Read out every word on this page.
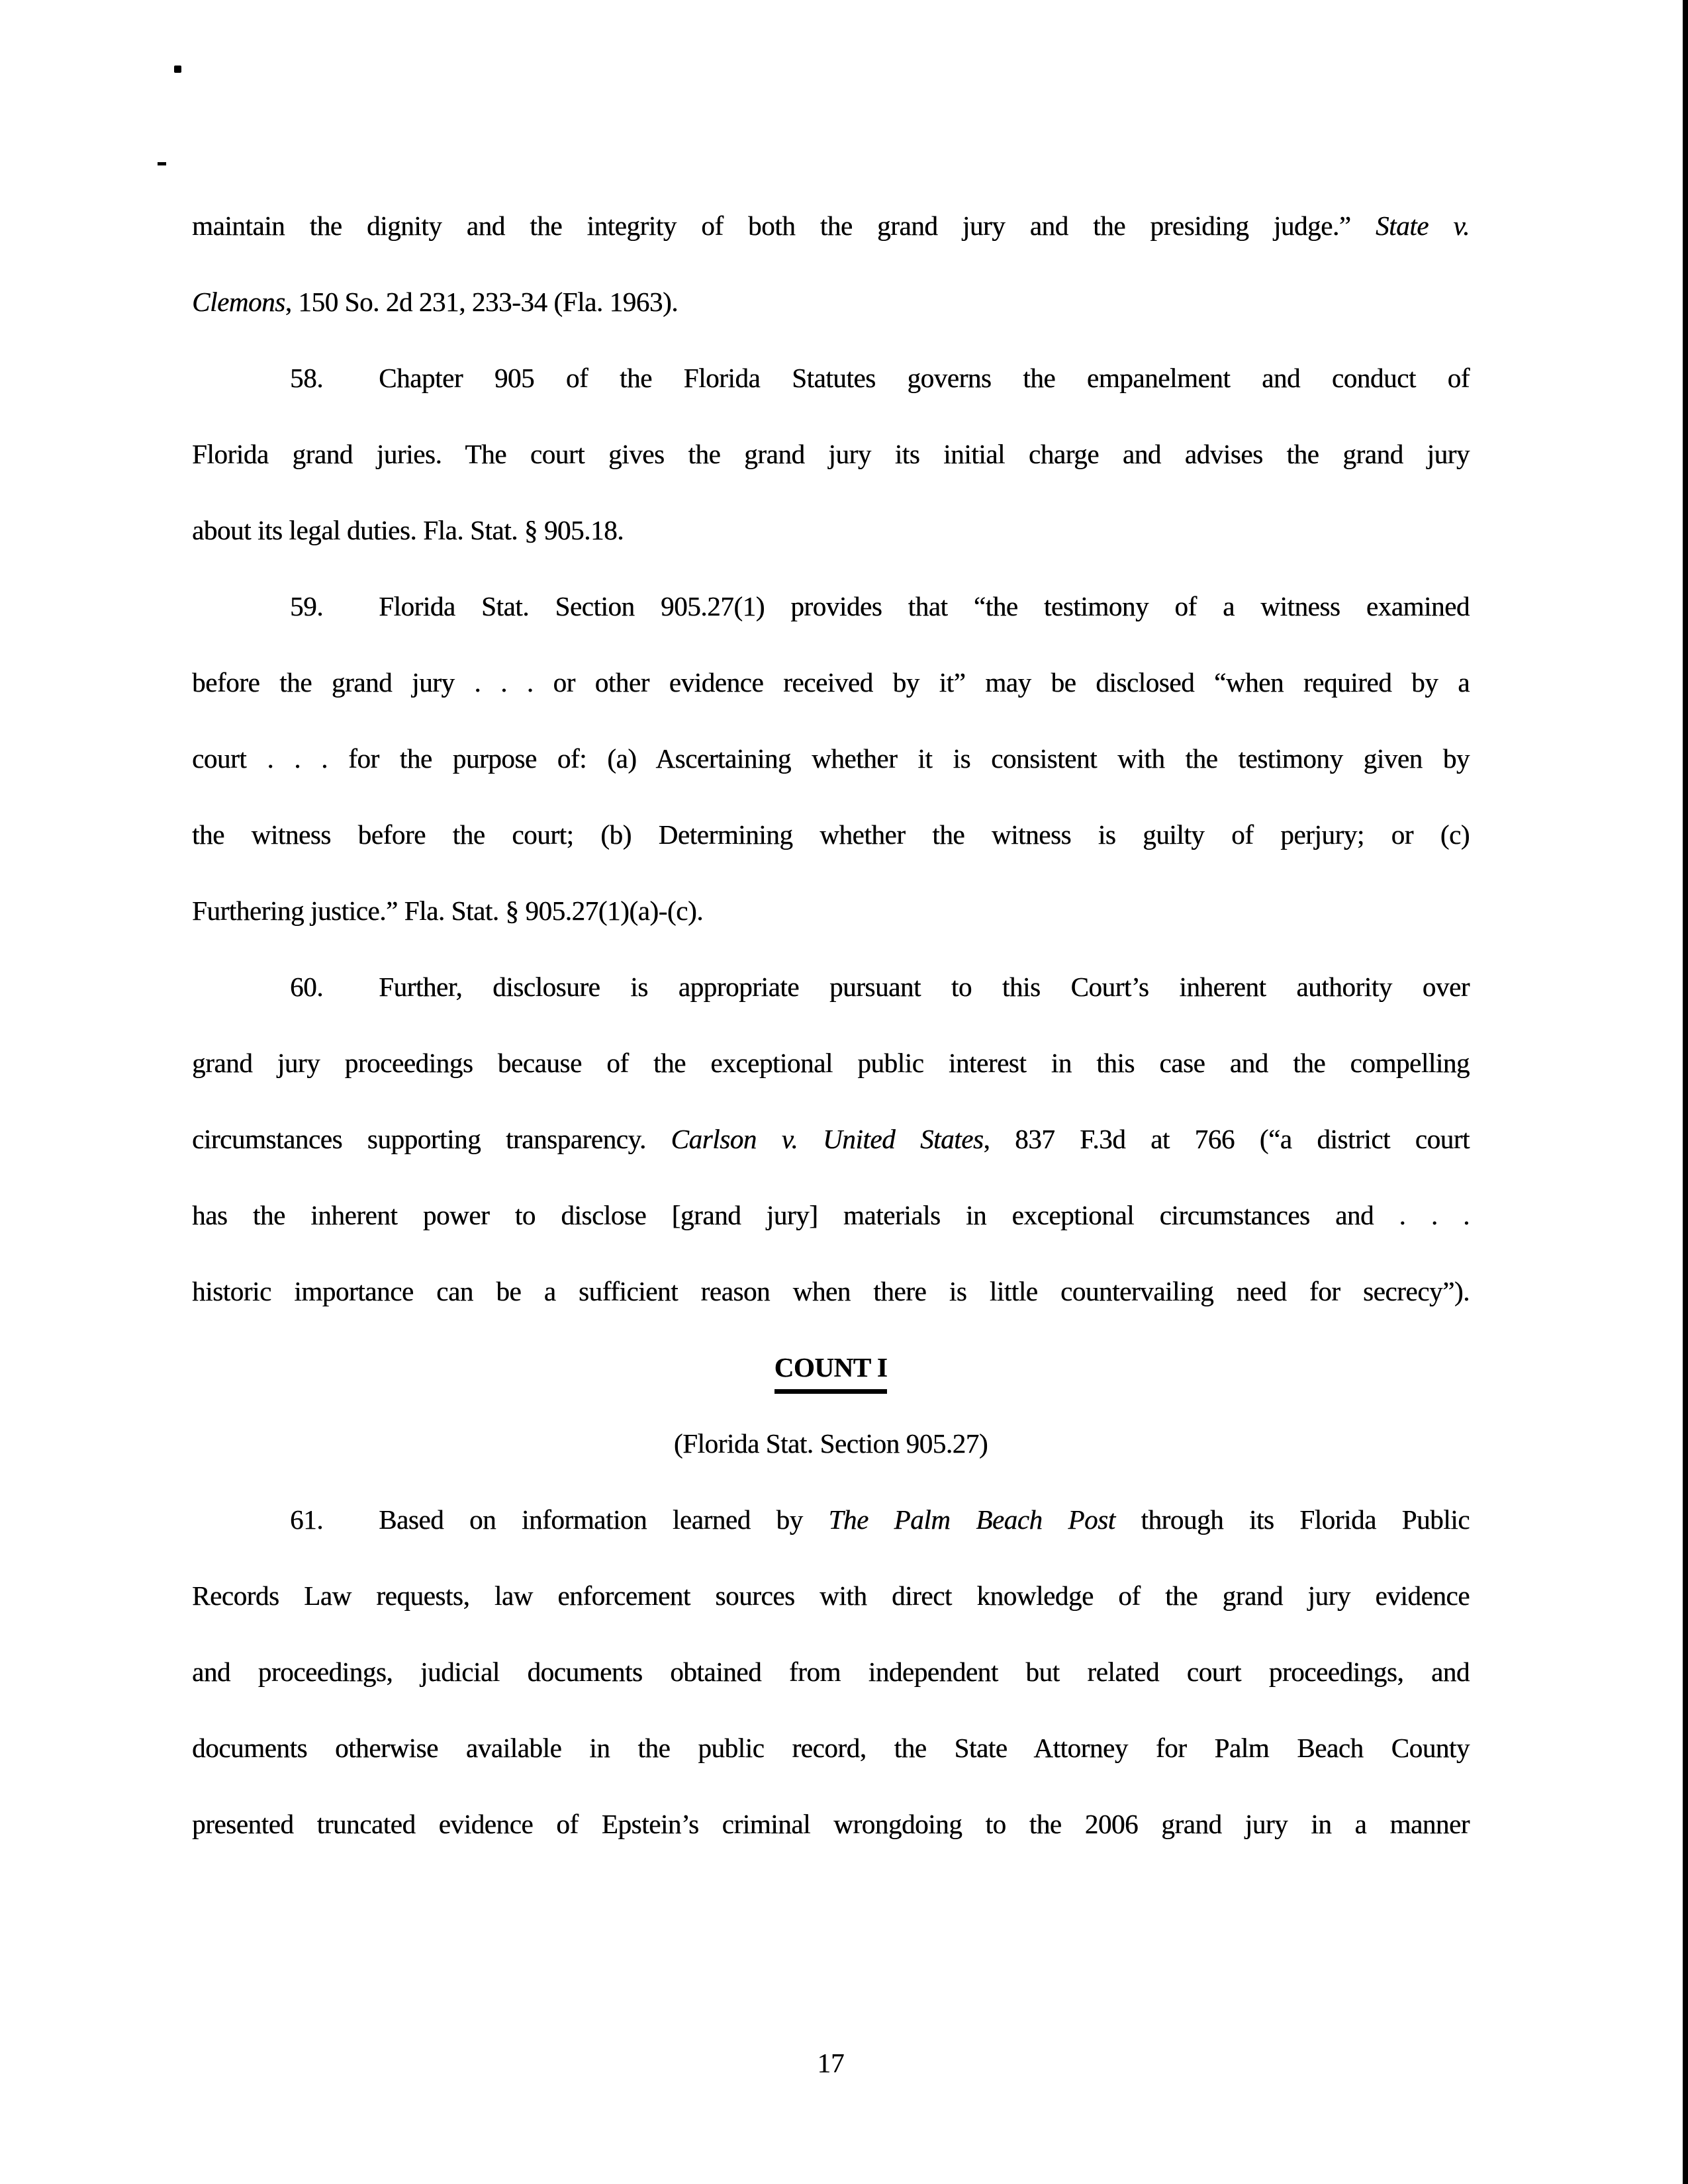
maintain the dignity and the integrity of both the grand jury and the presiding judge.” State v.
Clemons, 150 So. 2d 231, 233-34 (Fla. 1963).
58. Chapter 905 of the Florida Statutes governs the empanelment and conduct of
Florida grand juries. The court gives the grand jury its initial charge and advises the grand jury
about its legal duties. Fla. Stat. § 905.18.
59. Florida Stat. Section 905.27(1) provides that “the testimony of a witness examined
before the grand jury . . . or other evidence received by it” may be disclosed “when required by a
court . . . for the purpose of: (a) Ascertaining whether it is consistent with the testimony given by
the witness before the court; (b) Determining whether the witness is guilty of perjury; or (c)
Furthering justice.” Fla. Stat. § 905.27(1)(a)-(c).
60. Further, disclosure is appropriate pursuant to this Court’s inherent authority over
grand jury proceedings because of the exceptional public interest in this case and the compelling
circumstances supporting transparency. Carlson v. United States, 837 F.3d at 766 (“a district court
has the inherent power to disclose [grand jury] materials in exceptional circumstances and . . .
historic importance can be a sufficient reason when there is little countervailing need for secrecy”).
COUNT I
(Florida Stat. Section 905.27)
61. Based on information learned by The Palm Beach Post through its Florida Public
Records Law requests, law enforcement sources with direct knowledge of the grand jury evidence
and proceedings, judicial documents obtained from independent but related court proceedings, and
documents otherwise available in the public record, the State Attorney for Palm Beach County
presented truncated evidence of Epstein’s criminal wrongdoing to the 2006 grand jury in a manner
17
